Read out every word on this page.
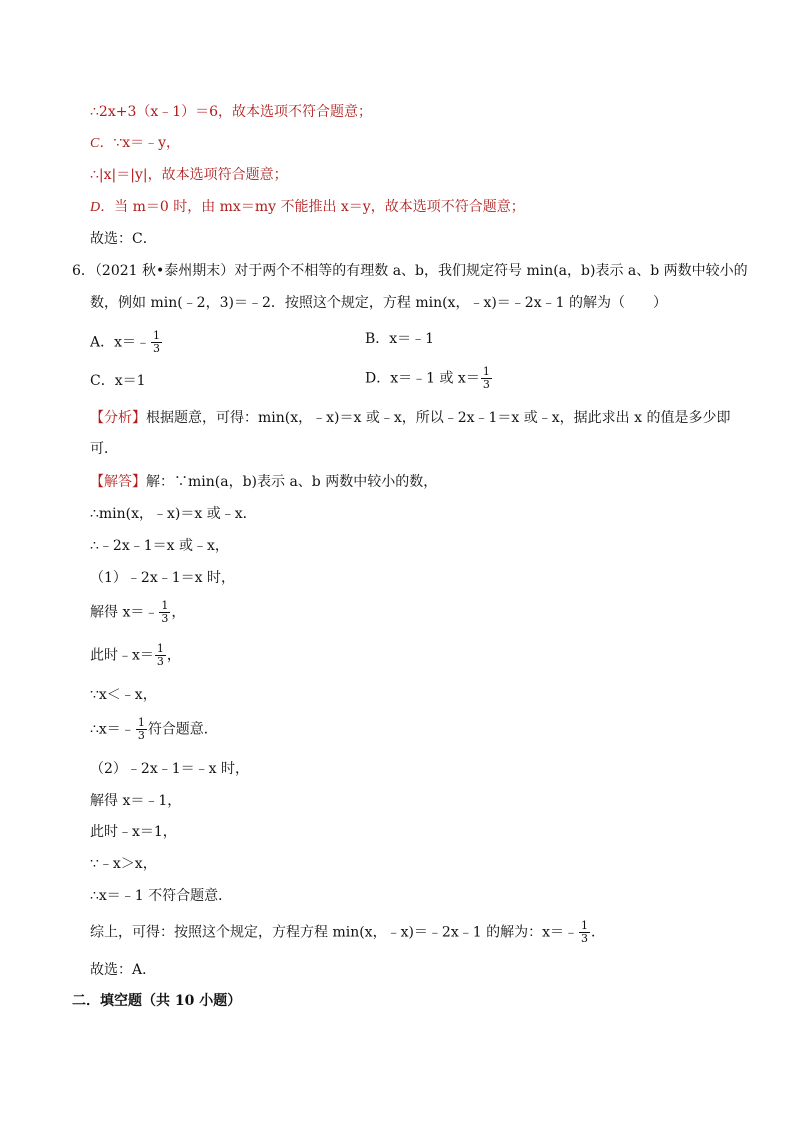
∴2x+3（x﹣1）＝6，故本选项不符合题意；
C．∵x＝﹣y，
∴|x|＝|y|，故本选项符合题意；
D．当 m＝0 时，由 mx＝my 不能推出 x＝y，故本选项不符合题意；
故选：C．
6．（2021 秋•泰州期末）对于两个不相等的有理数 a、b，我们规定符号 min(a，b)表示 a、b 两数中较小的
数，例如 min(﹣2，3)＝﹣2．按照这个规定，方程 min(x，﹣x)＝﹣2x﹣1 的解为（　　）
A．x＝﹣ $\frac{1}{3}$	B．x＝﹣1
C．x＝1	D．x＝﹣1 或 $x= \frac{1}{3}$
【分析】根据题意，可得：min(x，﹣x)＝x 或﹣x，所以﹣2x﹣1＝x 或﹣x，据此求出 x 的值是多少即
可．
【解答】解：∵min(a，b)表示 a、b 两数中较小的数，
∴min(x，﹣x)＝x 或﹣x．
∴﹣2x﹣1＝x 或﹣x，
（1）﹣2x﹣1＝x 时，
解得 x＝﹣ $\frac{1}{3}$ ，
此时﹣x＝ $\frac{1}{3}$ ，
∵x＜﹣x，
∴x＝﹣ $\frac{1}{3}$ 符合题意．
（2）﹣2x﹣1＝﹣x 时，
解得 x＝﹣1，
此时﹣x＝1，
∵﹣x＞x，
∴x＝﹣1 不符合题意．
综上，可得：按照这个规定，方程方程 min(x，﹣x)＝﹣2x﹣1 的解为：x＝﹣ $\frac{1}{3}$ ．
故选：A．
二．填空题（共 10 小题）
